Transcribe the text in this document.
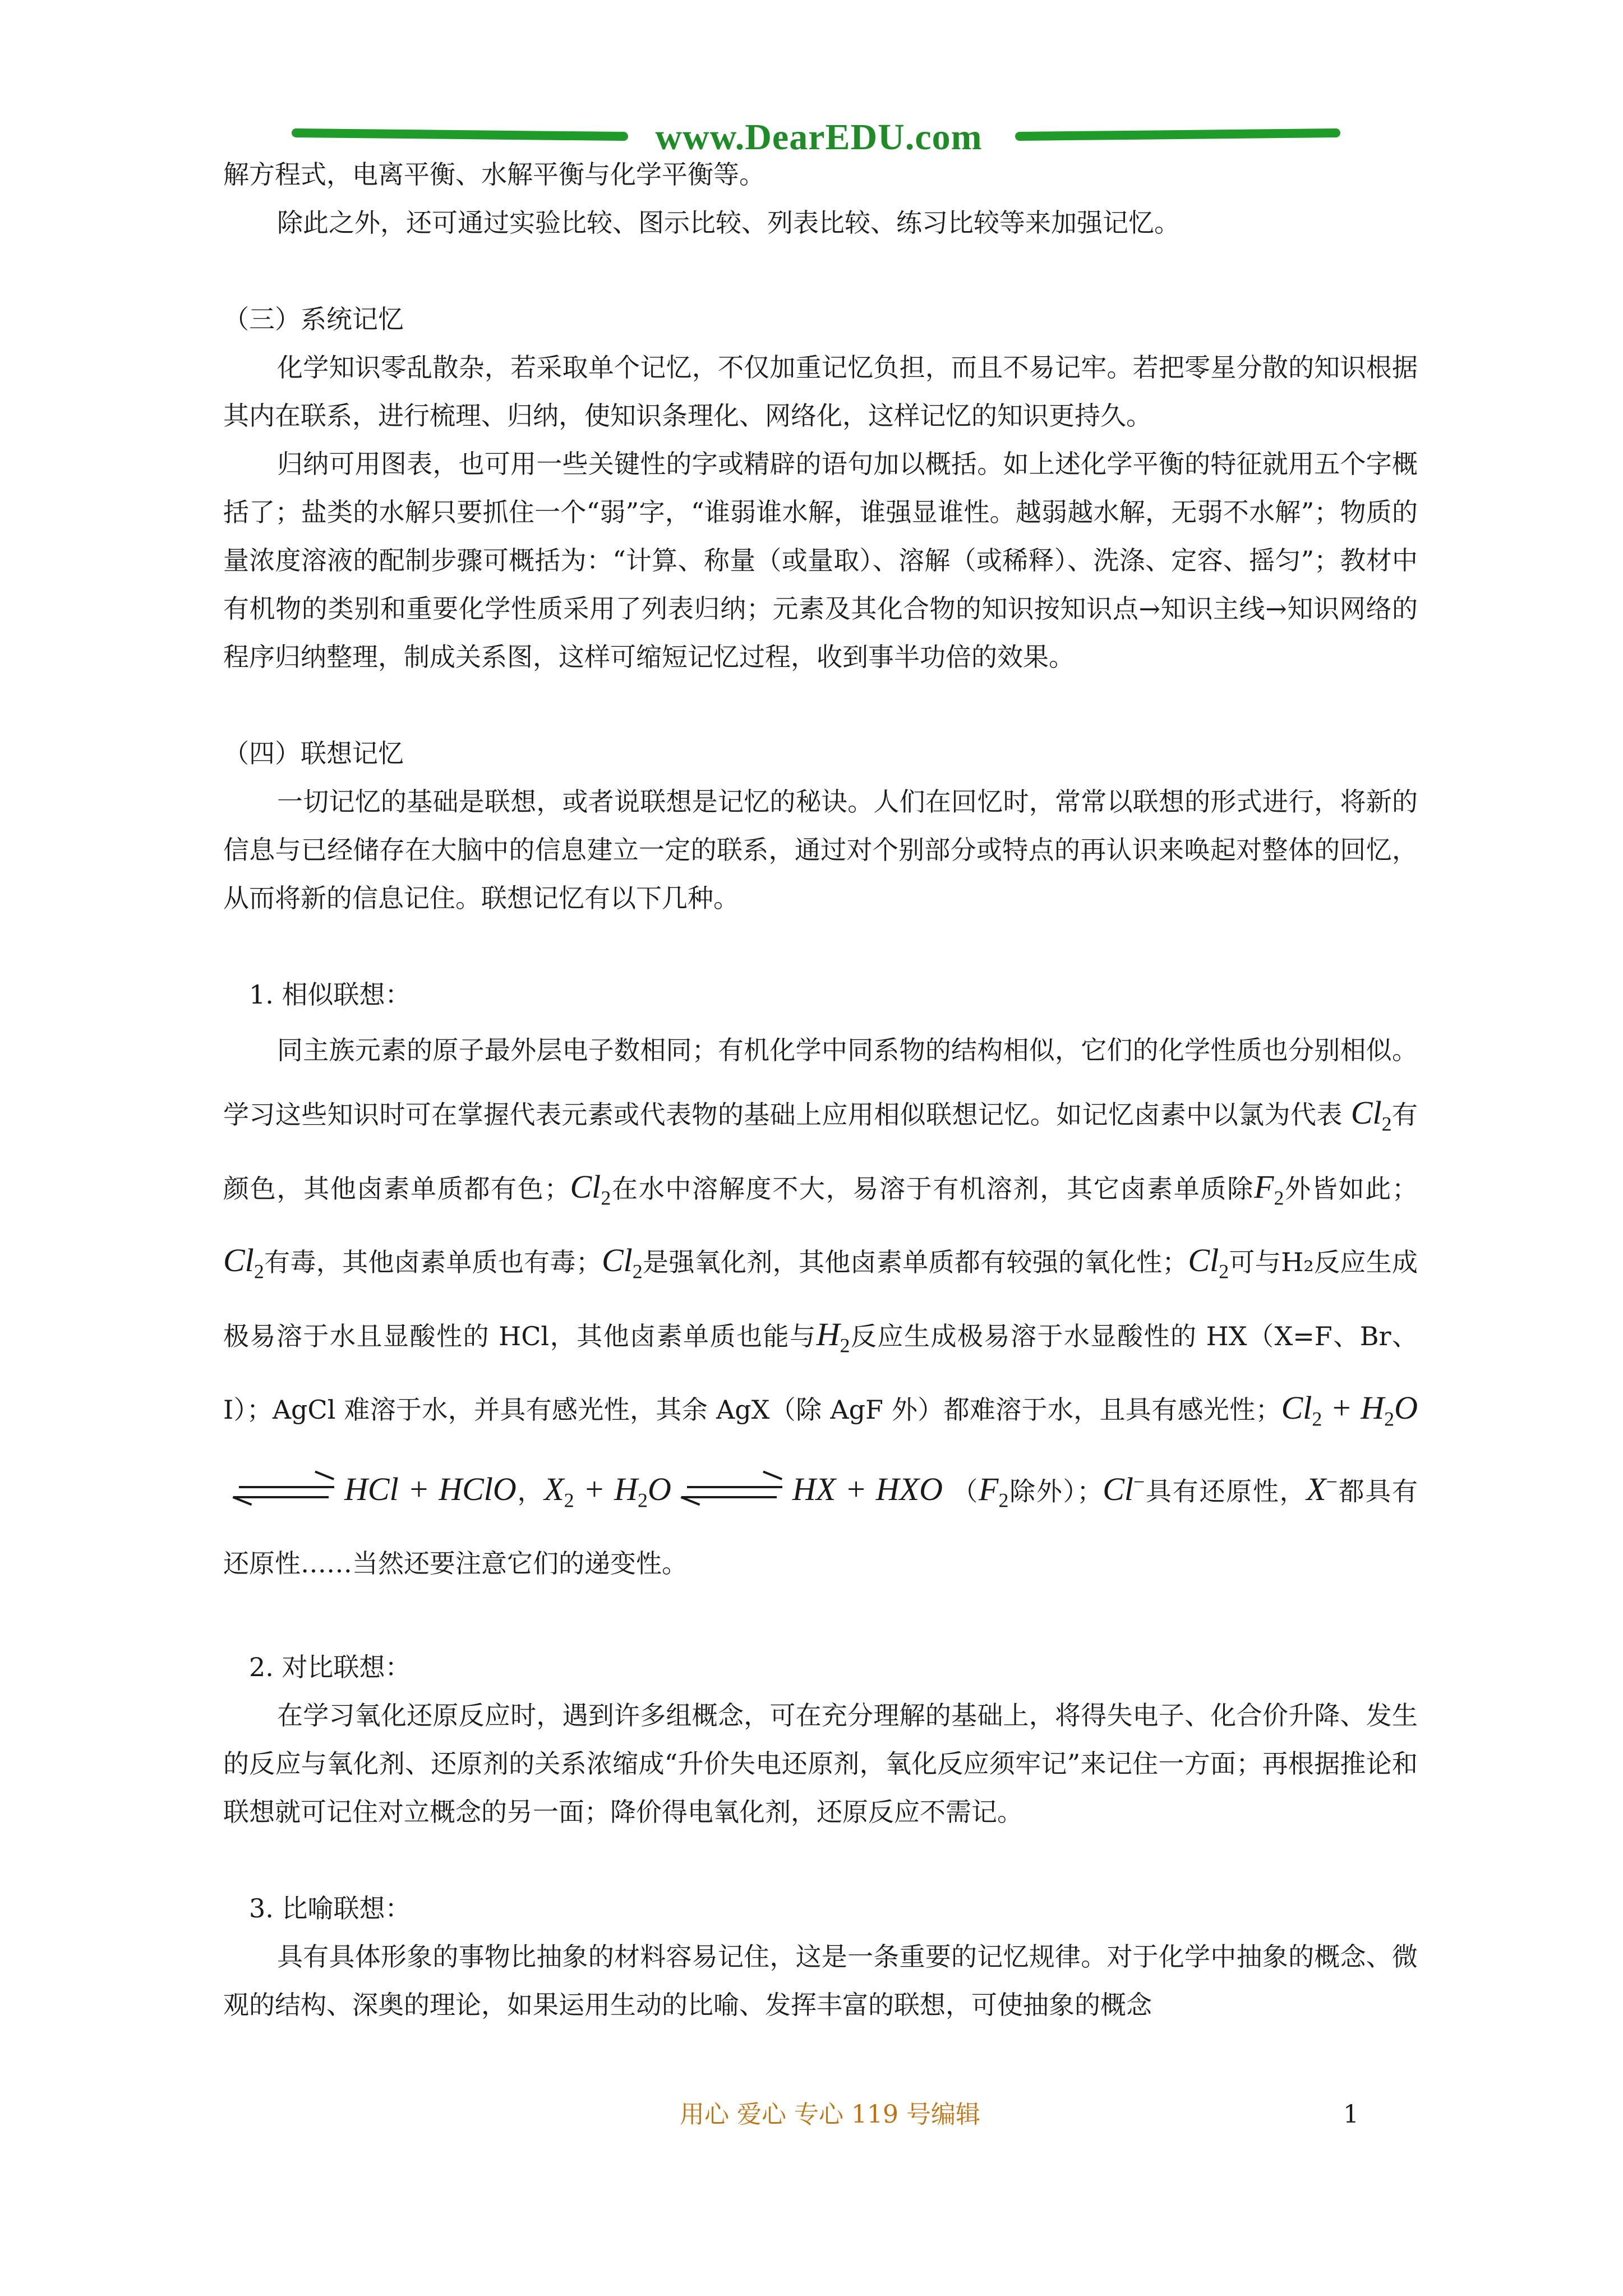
www.DearEDU.com

解方程式，电离平衡、水解平衡与化学平衡等。

除此之外，还可通过实验比较、图示比较、列表比较、练习比较等来加强记忆。

（三）系统记忆

化学知识零乱散杂，若采取单个记忆，不仅加重记忆负担，而且不易记牢。若把零星分散的知识根据其内在联系，进行梳理、归纳，使知识条理化、网络化，这样记忆的知识更持久。

归纳可用图表，也可用一些关键性的字或精辟的语句加以概括。如上述化学平衡的特征就用五个字概括了；盐类的水解只要抓住一个“弱”字，“谁弱谁水解，谁强显谁性。越弱越水解，无弱不水解”；物质的量浓度溶液的配制步骤可概括为：“计算、称量（或量取）、溶解（或稀释）、洗涤、定容、摇匀”；教材中有机物的类别和重要化学性质采用了列表归纳；元素及其化合物的知识按知识点→知识主线→知识网络的程序归纳整理，制成关系图，这样可缩短记忆过程，收到事半功倍的效果。

（四）联想记忆

一切记忆的基础是联想，或者说联想是记忆的秘诀。人们在回忆时，常常以联想的形式进行，将新的信息与已经储存在大脑中的信息建立一定的联系，通过对个别部分或特点的再认识来唤起对整体的回忆，从而将新的信息记住。联想记忆有以下几种。

1. 相似联想：

同主族元素的原子最外层电子数相同；有机化学中同系物的结构相似，它们的化学性质也分别相似。学习这些知识时可在掌握代表元素或代表物的基础上应用相似联想记忆。如记忆卤素中以氯为代表 $Cl_2$有颜色，其他卤素单质都有色；$Cl_2$在水中溶解度不大，易溶于有机溶剂，其它卤素单质除$F_2$外皆如此；$Cl_2$有毒，其他卤素单质也有毒；$Cl_2$是强氧化剂，其他卤素单质都有较强的氧化性；$Cl_2$可与H₂反应生成极易溶于水且显酸性的 HCl，其他卤素单质也能与$H_2$反应生成极易溶于水显酸性的 HX（X=F、Br、I）；AgCl 难溶于水，并具有感光性，其余 AgX（除 AgF 外）都难溶于水，且具有感光性；$Cl_2 + H_2O$
HCl + HClO，$X_2 + H_2O$	HX + HXO （$F_2$除外）；Cl−具有还原性，X−都具有还原性……当然还要注意它们的递变性。

2. 对比联想：

在学习氧化还原反应时，遇到许多组概念，可在充分理解的基础上，将得失电子、化合价升降、发生的反应与氧化剂、还原剂的关系浓缩成“升价失电还原剂，氧化反应须牢记”来记住一方面；再根据推论和联想就可记住对立概念的另一面；降价得电氧化剂，还原反应不需记。

3. 比喻联想：

具有具体形象的事物比抽象的材料容易记住，这是一条重要的记忆规律。对于化学中抽象的概念、微观的结构、深奥的理论，如果运用生动的比喻、发挥丰富的联想，可使抽象的概念

用心 爱心 专心 119 号编辑	1
